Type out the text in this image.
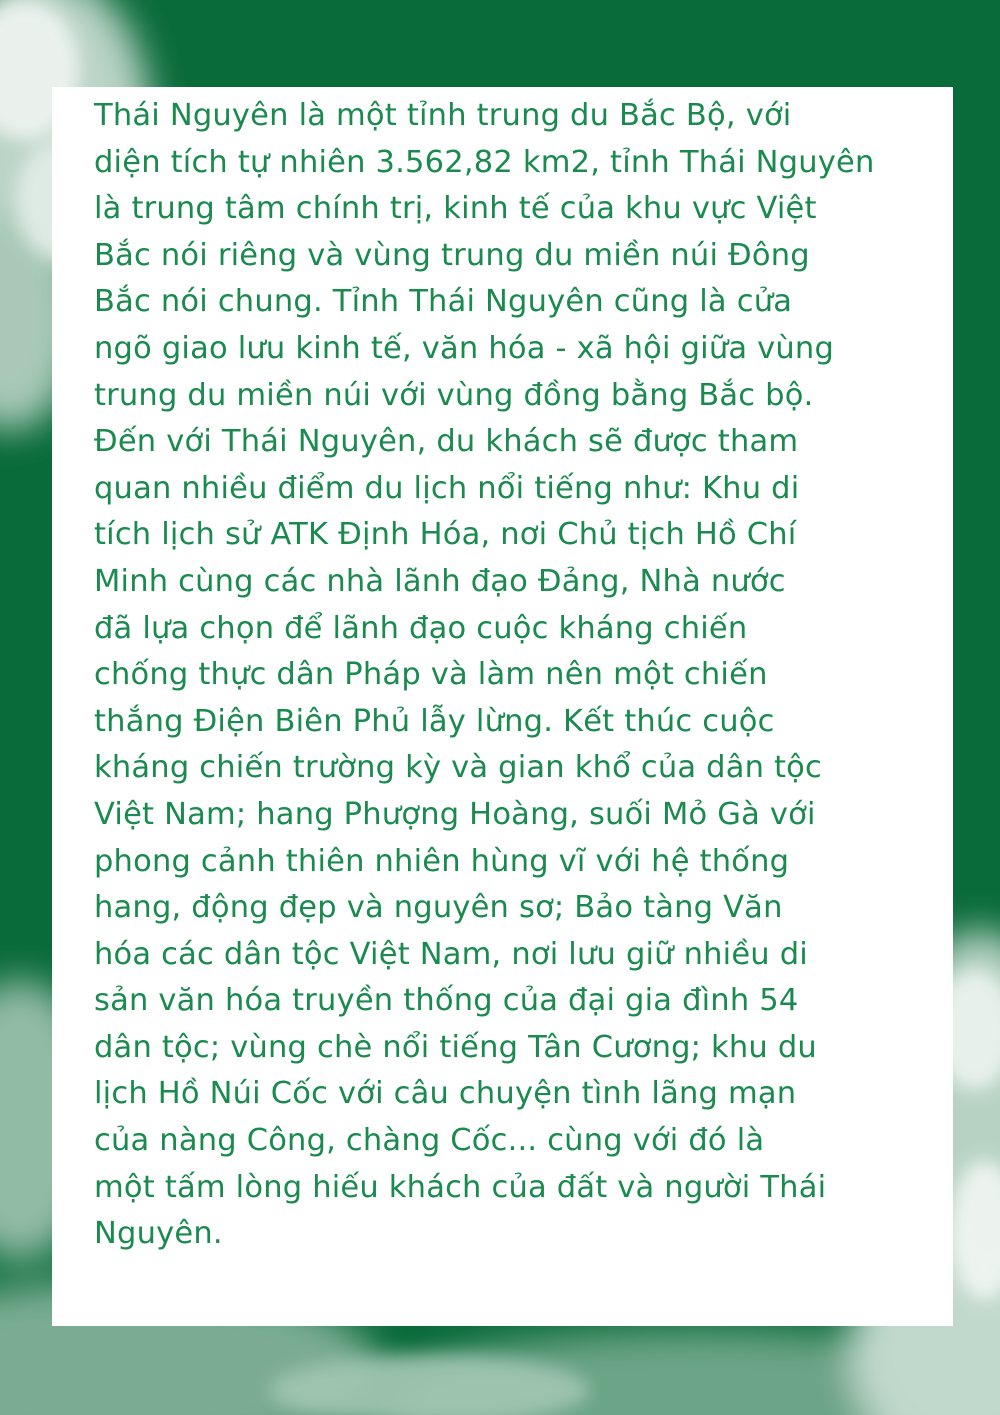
Thái Nguyên là một tỉnh trung du Bắc Bộ, với
diện tích tự nhiên 3.562,82 km2, tỉnh Thái Nguyên
là trung tâm chính trị, kinh tế của khu vực Việt
Bắc nói riêng và vùng trung du miền núi Đông
Bắc nói chung. Tỉnh Thái Nguyên cũng là cửa
ngõ giao lưu kinh tế, văn hóa - xã hội giữa vùng
trung du miền núi với vùng đồng bằng Bắc bộ.
Đến với Thái Nguyên, du khách sẽ được tham
quan nhiều điểm du lịch nổi tiếng như: Khu di
tích lịch sử ATK Định Hóa, nơi Chủ tịch Hồ Chí
Minh cùng các nhà lãnh đạo Đảng, Nhà nước
đã lựa chọn để lãnh đạo cuộc kháng chiến
chống thực dân Pháp và làm nên một chiến
thắng Điện Biên Phủ lẫy lừng. Kết thúc cuộc
kháng chiến trường kỳ và gian khổ của dân tộc
Việt Nam; hang Phượng Hoàng, suối Mỏ Gà với
phong cảnh thiên nhiên hùng vĩ với hệ thống
hang, động đẹp và nguyên sơ; Bảo tàng Văn
hóa các dân tộc Việt Nam, nơi lưu giữ nhiều di
sản văn hóa truyền thống của đại gia đình 54
dân tộc; vùng chè nổi tiếng Tân Cương; khu du
lịch Hồ Núi Cốc với câu chuyện tình lãng mạn
của nàng Công, chàng Cốc... cùng với đó là
một tấm lòng hiếu khách của đất và người Thái
Nguyên.
